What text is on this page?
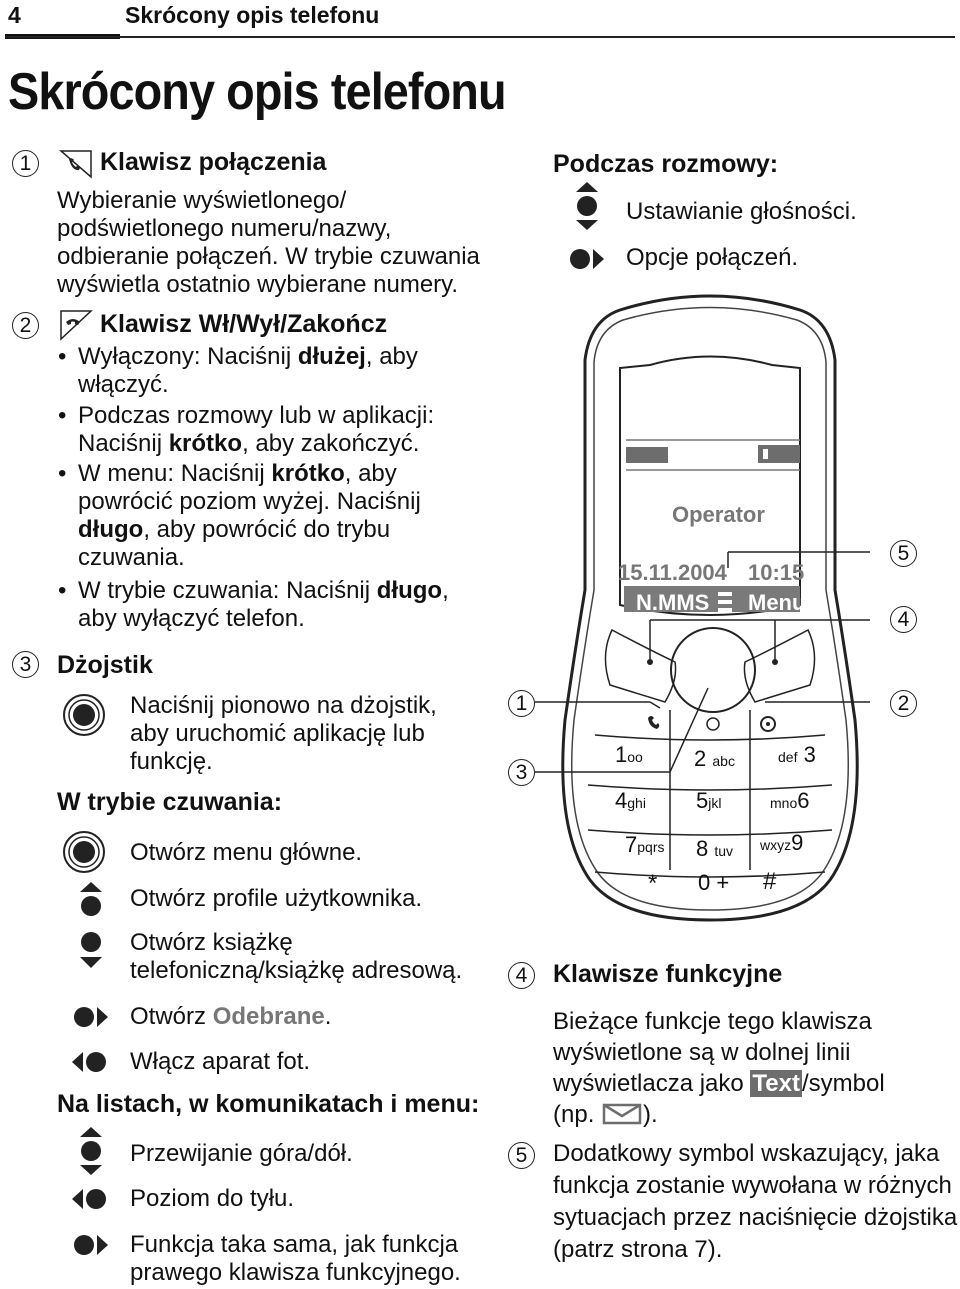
4	Skrócony opis telefonu
Skrócony opis telefonu
1	Klawisz połączenia
Wybieranie wyświetlonego/
podświetlonego numeru/nazwy,
odbieranie połączeń. W trybie czuwania
wyświetla ostatnio wybierane numery.
2	Klawisz Wł/Wył/Zakończ
• Wyłączony: Naciśnij dłużej, aby
włączyć.
• Podczas rozmowy lub w aplikacji:
Naciśnij krótko, aby zakończyć.
• W menu: Naciśnij krótko, aby
powrócić poziom wyżej. Naciśnij
długo, aby powrócić do trybu
czuwania.
• W trybie czuwania: Naciśnij długo,
aby wyłączyć telefon.
3	Dżojstik
Naciśnij pionowo na dżojstik,
aby uruchomić aplikację lub
funkcję.
W trybie czuwania:
Otwórz menu główne.
Otwórz profile użytkownika.
Otwórz książkę
telefoniczną/książkę adresową.
Otwórz Odebrane.
Włącz aparat fot.
Na listach, w komunikatach i menu:
Przewijanie góra/dół.
Poziom do tyłu.
Funkcja taka sama, jak funkcja
prawego klawisza funkcyjnego.
Podczas rozmowy:
Ustawianie głośności.
Opcje połączeń.
Operator
15.11.2004 10:15
N.MMS Menu
1oo 2 abc	def 3
4ghi 5jkl	mno6
7pqrs 8 tuv wxyz9
* 0 + #
1
3
5
4
2
4	Klawisze funkcyjne
Bieżące funkcje tego klawisza
wyświetlone są w dolnej linii
wyświetlacza jako Text/symbol
(np. ).
5	Dodatkowy symbol wskazujący, jaka
funkcja zostanie wywołana w różnych
sytuacjach przez naciśnięcie dżojstika
(patrz strona 7).
